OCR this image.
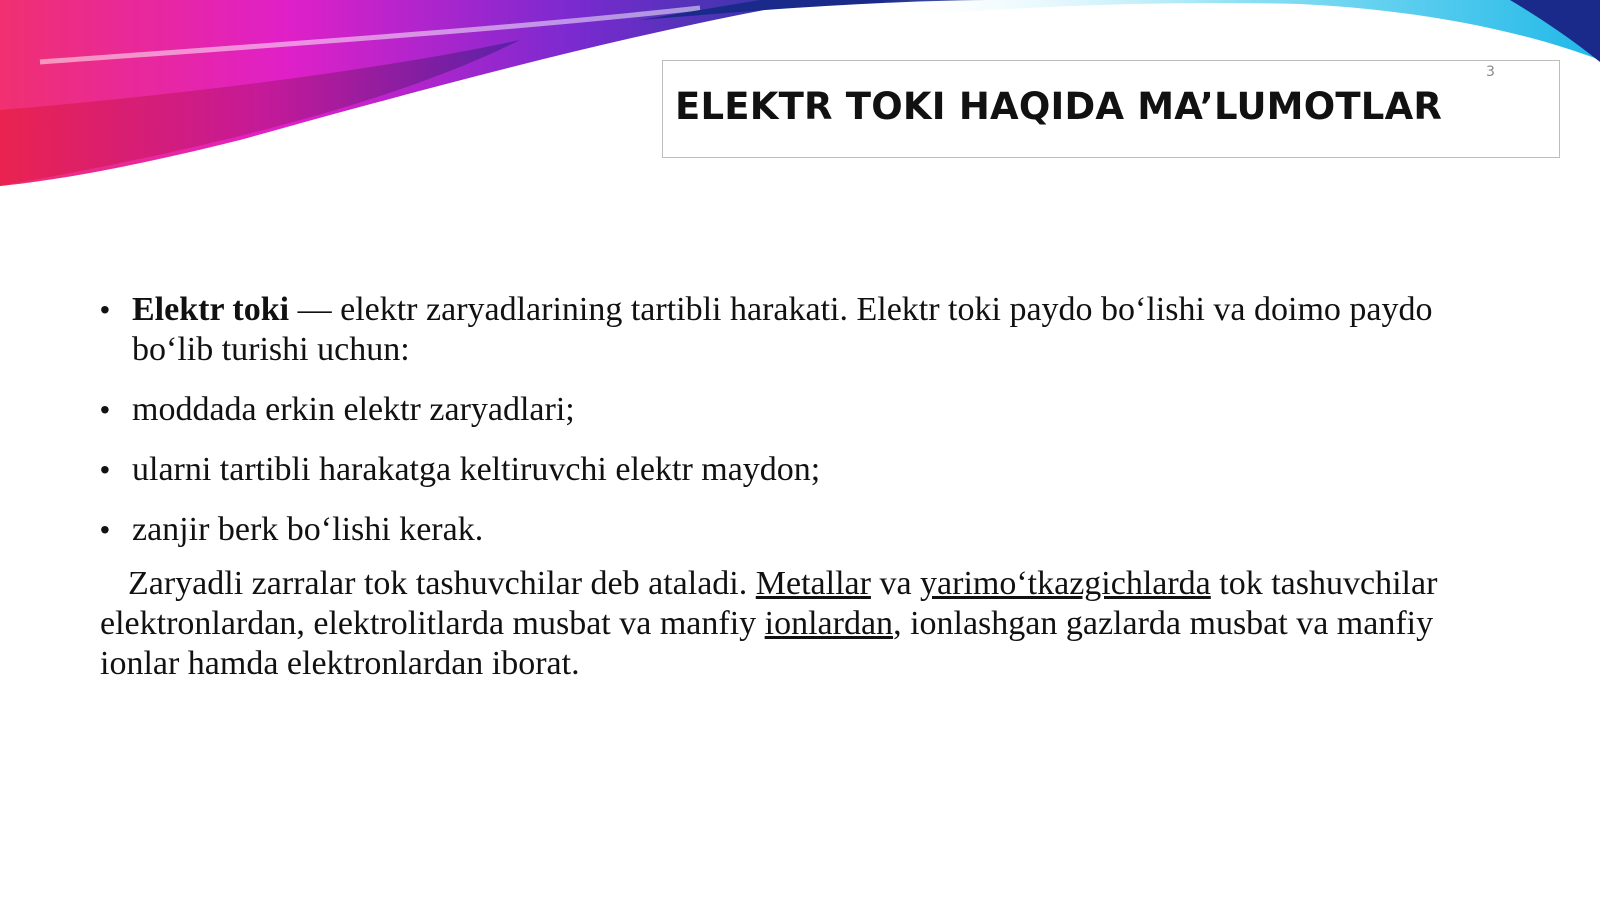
ELEKTR TOKI HAQIDA MA’LUMOTLAR
3
• Elektr toki — elektr zaryadlarining tartibli harakati. Elektr toki paydo bo‘lishi va doimo paydo bo‘lib turishi uchun:
• moddada erkin elektr zaryadlari;
• ularni tartibli harakatga keltiruvchi elektr maydon;
• zanjir berk bo‘lishi kerak.

Zaryadli zarralar tok tashuvchilar deb ataladi. Metallar va yarimo‘tkazgichlarda tok tashuvchilar elektronlardan, elektrolitlarda musbat va manfiy ionlardan, ionlashgan gazlarda musbat va manfiy ionlar hamda elektronlardan iborat.
